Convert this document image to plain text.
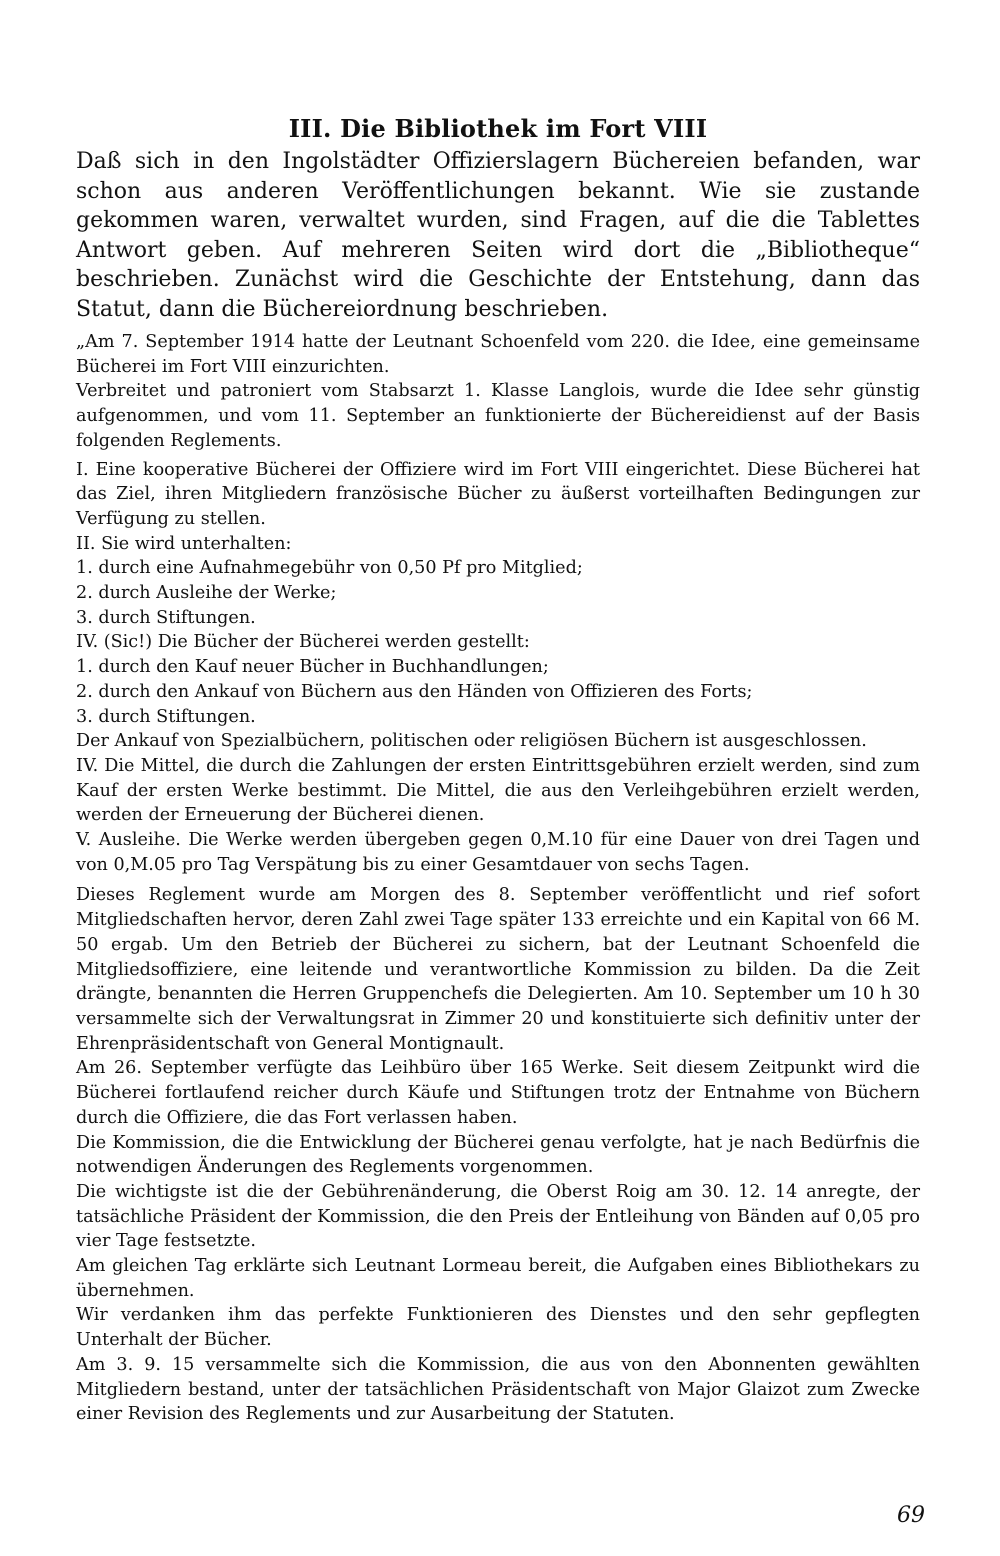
III. Die Bibliothek im Fort VIII

Daß sich in den Ingolstädter Offizierslagern Büchereien befanden, war schon aus anderen Veröffentlichungen bekannt. Wie sie zustande gekommen waren, verwaltet wurden, sind Fragen, auf die die Tablettes Antwort geben. Auf mehreren Seiten wird dort die „Bibliotheque“ beschrieben. Zunächst wird die Geschichte der Entstehung, dann das Statut, dann die Büchereiordnung beschrieben.

„Am 7. September 1914 hatte der Leutnant Schoenfeld vom 220. die Idee, eine gemeinsame Bücherei im Fort VIII einzurichten.

Verbreitet und patroniert vom Stabsarzt 1. Klasse Langlois, wurde die Idee sehr günstig aufgenommen, und vom 11. September an funktionierte der Büchereidienst auf der Basis folgenden Reglements.

I. Eine kooperative Bücherei der Offiziere wird im Fort VIII eingerichtet. Diese Bücherei hat das Ziel, ihren Mitgliedern französische Bücher zu äußerst vorteilhaften Bedingungen zur Verfügung zu stellen.

II. Sie wird unterhalten:

1. durch eine Aufnahmegebühr von 0,50 Pf pro Mitglied;

2. durch Ausleihe der Werke;

3. durch Stiftungen.

IV. (Sic!) Die Bücher der Bücherei werden gestellt:

1. durch den Kauf neuer Bücher in Buchhandlungen;

2. durch den Ankauf von Büchern aus den Händen von Offizieren des Forts;

3. durch Stiftungen.

Der Ankauf von Spezialbüchern, politischen oder religiösen Büchern ist ausgeschlossen.

IV. Die Mittel, die durch die Zahlungen der ersten Eintrittsgebühren erzielt werden, sind zum Kauf der ersten Werke bestimmt. Die Mittel, die aus den Verleihgebühren erzielt werden, werden der Erneuerung der Bücherei dienen.

V. Ausleihe. Die Werke werden übergeben gegen 0,M.10 für eine Dauer von drei Tagen und von 0,M.05 pro Tag Verspätung bis zu einer Gesamtdauer von sechs Tagen.

Dieses Reglement wurde am Morgen des 8. September veröffentlicht und rief sofort Mitgliedschaften hervor, deren Zahl zwei Tage später 133 erreichte und ein Kapital von 66 M. 50 ergab. Um den Betrieb der Bücherei zu sichern, bat der Leutnant Schoenfeld die Mitgliedsoffiziere, eine leitende und verantwortliche Kommission zu bilden. Da die Zeit drängte, benannten die Herren Gruppenchefs die Delegierten. Am 10. September um 10 h 30 versammelte sich der Verwaltungsrat in Zimmer 20 und konstituierte sich definitiv unter der Ehrenpräsidentschaft von General Montignault.

Am 26. September verfügte das Leihbüro über 165 Werke. Seit diesem Zeitpunkt wird die Bücherei fortlaufend reicher durch Käufe und Stiftungen trotz der Entnahme von Büchern durch die Offiziere, die das Fort verlassen haben.

Die Kommission, die die Entwicklung der Bücherei genau verfolgte, hat je nach Bedürfnis die notwendigen Änderungen des Reglements vorgenommen.

Die wichtigste ist die der Gebührenänderung, die Oberst Roig am 30. 12. 14 anregte, der tatsächliche Präsident der Kommission, die den Preis der Entleihung von Bänden auf 0,05 pro vier Tage festsetzte.

Am gleichen Tag erklärte sich Leutnant Lormeau bereit, die Aufgaben eines Bibliothekars zu übernehmen.

Wir verdanken ihm das perfekte Funktionieren des Dienstes und den sehr gepflegten Unterhalt der Bücher.

Am 3. 9. 15 versammelte sich die Kommission, die aus von den Abonnenten gewählten Mitgliedern bestand, unter der tatsächlichen Präsidentschaft von Major Glaizot zum Zwecke einer Revision des Reglements und zur Ausarbeitung der Statuten.

69
